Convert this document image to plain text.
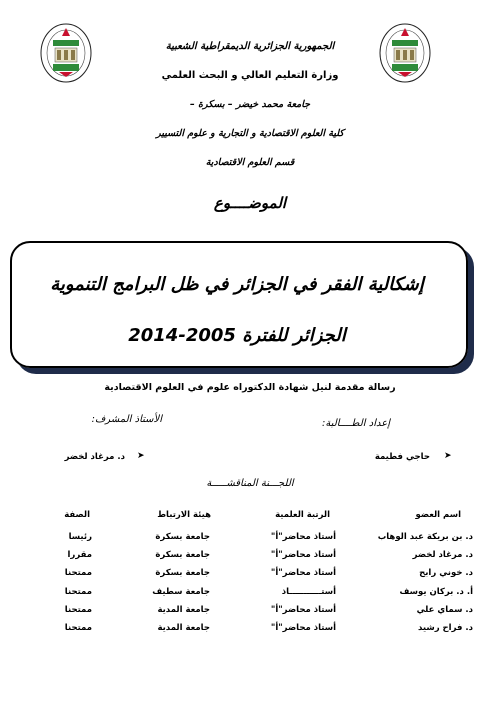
الجمهورية الجزائرية الديمقراطية الشعبية
وزارة التعليم العالي و البحث العلمي
جامعة محمد خيضر – بسكرة –
كلية العلوم الاقتصادية و التجارية و علوم التسيير
قسم العلوم الاقتصادية
الموضــــوع
إشكالية الفقر في الجزائر في ظل البرامج التنموية
الجزائر للفترة 2005-2014
رسالة مقدمة لنيل شهادة الدكتوراه علوم في العلوم الاقتصادية
إعداد الطــــالبة:
الأستاذ المشرف:
➤
حاجي فطيمة
➤
د. مرغاد لخضر
اللجـــنة المناقشـــــة
اسم العضو
الرتبة العلمية
هيئة الارتباط
الصفة
د. بن بريكة عبد الوهاب
أستاذ محاضر"أ"
جامعة بسكرة
رئيسا
د. مرغاد لخضر
أستاذ محاضر"أ"
جامعة بسكرة
مقررا
د. خوني رابح
أستاذ محاضر"أ"
جامعة بسكرة
ممتحنا
أ. د. بركان يوسف
أستـــــــــــاذ
جامعة سطيف
ممتحنا
د. سماي علي
أستاذ محاضر"أ"
جامعة المدية
ممتحنا
د. فراح رشيد
أستاذ محاضر"أ"
جامعة المدية
ممتحنا
